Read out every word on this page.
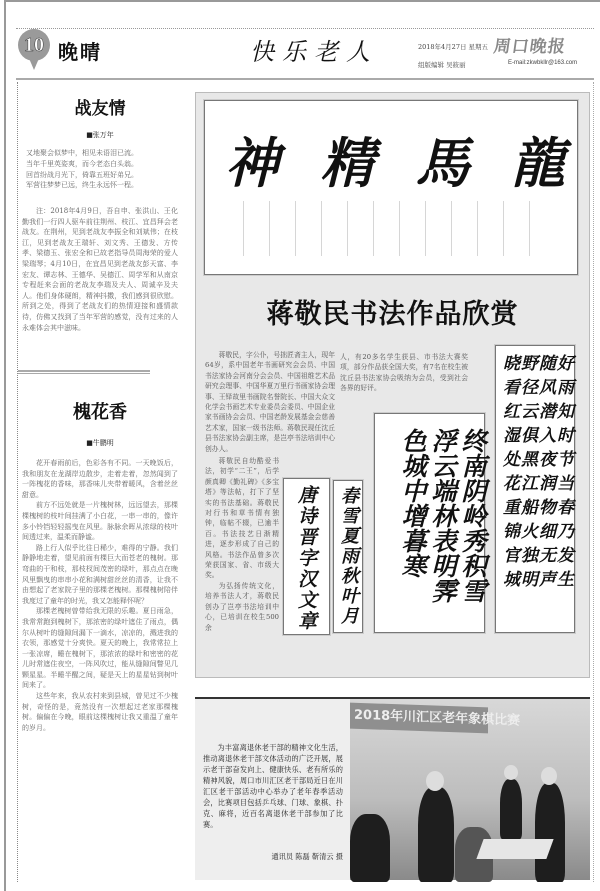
10 晚晴	快乐老人	2018年4月27日 星期五 周口晚报
组版编辑 吴筱丽	E-mail:zkwbkllr@163.com
战友情
■张万年
又地聚会似梦中，相见未语泪已流。
当年千里英姿爽，而今老态白头翁。
回首纷战月光下，倚靠五班好弟兄。
军营往梦梦已远，终生永远怀一程。

注：2018年4月9日，吾自申、张洪山、王化勤我们一行四人驱车前往荆州、枝江、宜昌拜会老战友。在荆州，见到老战友李振全和刘斌伟；在枝江，见到老战友王瑞轩、刘文秀、王德发、方传孝、梁德玉、张宏全和已故老指导员周海荣的爱人梁瑞琴；4月10日，在宜昌见到老战友彭天富、李宏友、谭志林、王德华、吴德江、周学军和从南京专程赶来会面的老战友李瑞及夫人、周诚辛及夫人。他们身体硬朗，精神抖擞，我们感到很欣慰。所到之处，得到了老战友们的热情迎接和盛情款待，仿佛又找到了当年军营的感觉，没有过来的人永难体会其中滋味。

槐花香
■牛鹏明

花开春雨前后，色彩各有不同。一天晚饭后，我和朋友在龙湖岸边散步，走着走着，忽然闻到了一阵槐花的香味，那香味儿夹带着暖风，含着丝丝甜意。

前方不远处就是一片槐树林，远远望去，那棵棵槐树的枝叶间挂满了小白花，一串一串的，像许多小铃铛轻轻摇曳在风里。脉脉余晖从浓绿的枝叶间透过来，温柔而静谧。

路上行人似乎比往日稀少，难得的宁静。我们静静地走着，望见前面有棵巨大而苍老的槐树。那弯曲的干和枝，那枝杈间茂密的绿叶，那点点在晚风里飘曳的串串小花和满树甜丝丝的清香，让我不由想起了老家院子里的那棵老槐树。那棵槐树陪伴我度过了童年的时光，我又怎能释怀呢？

那棵老槐树曾带给我无限的乐趣。夏日雨急，我常常跑到槐树下，那浓密的绿叶遮住了雨点，偶尔从树叶的缝隙间漏下一滴水，凉凉的，溅进我的衣领，那感觉十分爽快。夏天的晚上，我常常拉上一张凉席，睡在槐树下，那浓浓的绿叶和密密的花儿时常遮住夜空，一阵风吹过，能从缝隙间瞥见几颗星星。半睡半醒之间，疑是天上的星星钻到树叶间来了。

这些年来，我从农村来到县城，曾见过不少槐树，奇怪的是，竟然没有一次想起过老家那棵槐树。偏偏在今晚，眼前这棵槐树让我又重温了童年的岁月。

龍
馬
精
神
蒋敬民书法作品欣赏

蒋敬民，字公仆，号拙匠斋主人，现年64岁，系中国老年书画研究会会员、中国书法家协会河南分会会员、中国祖维艺术品研究会理事、中国华夏万里行书画家协会理事、王铎故里书画院名誉院长、中国大众文化学会书画艺术专业委员会委员、中国企业家书画协会会员、中国老龄发展基金会慈善艺术家，国家一级书法师。蒋敬民现任沈丘县书法家协会副主席，是岂亭书法培训中心创办人。

人，有20多名学生获县、市书法大赛奖项，部分作品获全国大奖，有7名在校生被沈丘县书法家协会吸纳为会员，受到社会各界的好评。

蒋敬民自幼酷爱书法，初学“二王”，后学颜真卿《勤礼碑》《多宝塔》等法帖，打下了坚实的书法基础。蒋敬民对行书和草书情有独钟，临帖不辍，已逾半百。书法技艺日渐精进，逐步形成了自己的风格。书法作品曾多次荣获国家、省、市级大奖。

为弘扬传统文化，培养书法人才，蒋敬民创办了岂亭书法培训中心，已培训在校生500余	唐诗晋字汉文章 春雪夏雨秋叶月	终南阴岭秀积雪浮云端林表明霁色城中增暮寒	好雨知时节当春乃发生随风潜入夜润物细无声野径云俱黑江船火独明晓看红湿处花重锦官城

为丰富离退休老干部的精神文化生活，推动离退休老干部文体活动的广泛开展，展示老干部奋发向上、健康快乐、老有所乐的精神风貌，周口市川汇区老干部局近日在川汇区老干部活动中心举办了老年春季活动会，比赛项目包括乒乓球、门球、象棋、扑克、麻将，近百名离退休老干部参加了比赛。

通讯员 陈磊 靳清云 摄
2018年川汇区老年象棋比赛
